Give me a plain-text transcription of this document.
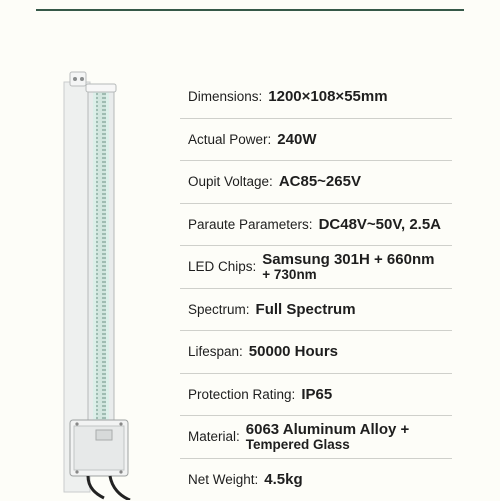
Dimensions: 1200×108×55mm
Actual Power: 240W
Oupit Voltage: AC85~265V
Paraute Parameters: DC48V~50V, 2.5A
LED Chips: Samsung 301H + 660nm
+ 730nm
Spectrum: Full Spectrum
Lifespan: 50000 Hours
Protection Rating: IP65
Material: 6063 Aluminum Alloy +
Tempered Glass
Net Weight: 4.5kg
